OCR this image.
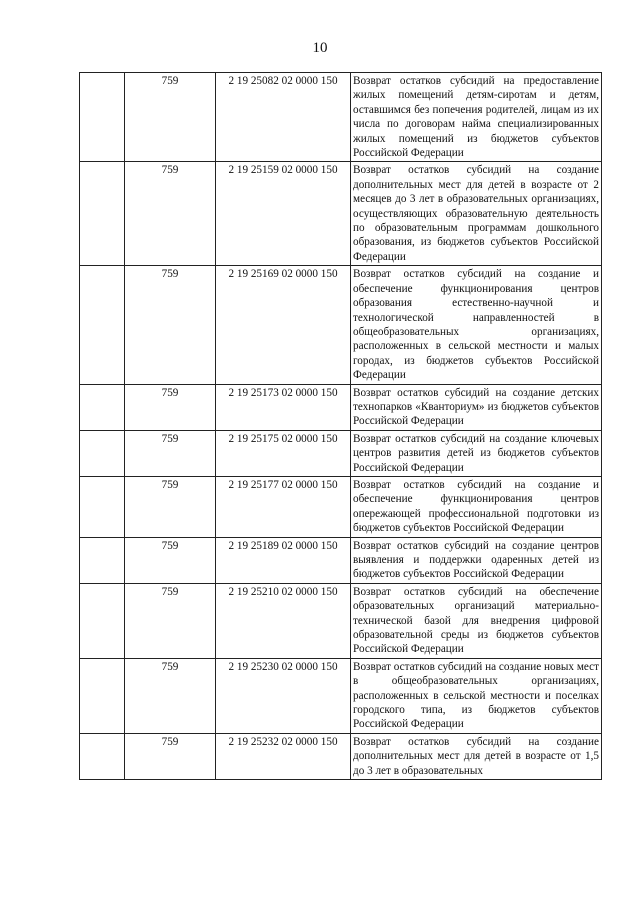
10
	759	2 19 25082 02 0000 150	Возврат остатков субсидий на предоставление жилых помещений детям-сиротам и детям, оставшимся без попечения родителей, лицам из их числа по договорам найма специализированных жилых помещений из бюджетов субъектов Российской Федерации
	759	2 19 25159 02 0000 150	Возврат остатков субсидий на создание дополнительных мест для детей в возрасте от 2 месяцев до 3 лет в образовательных организациях, осуществляющих образовательную деятельность по образовательным программам дошкольного образования, из бюджетов субъектов Российской Федерации
	759	2 19 25169 02 0000 150	Возврат остатков субсидий на создание и обеспечение функционирования центров образования естественно-научной и технологической направленностей в общеобразовательных организациях, расположенных в сельской местности и малых городах, из бюджетов субъектов Российской Федерации
	759	2 19 25173 02 0000 150	Возврат остатков субсидий на создание детских технопарков «Кванториум» из бюджетов субъектов Российской Федерации
	759	2 19 25175 02 0000 150	Возврат остатков субсидий на создание ключевых центров развития детей из бюджетов субъектов Российской Федерации
	759	2 19 25177 02 0000 150	Возврат остатков субсидий на создание и обеспечение функционирования центров опережающей профессиональной подготовки из бюджетов субъектов Российской Федерации
	759	2 19 25189 02 0000 150	Возврат остатков субсидий на создание центров выявления и поддержки одаренных детей из бюджетов субъектов Российской Федерации
	759	2 19 25210 02 0000 150	Возврат остатков субсидий на обеспечение образовательных организаций материально-технической базой для внедрения цифровой образовательной среды из бюджетов субъектов Российской Федерации
	759	2 19 25230 02 0000 150	Возврат остатков субсидий на создание новых мест в общеобразовательных организациях, расположенных в сельской местности и поселках городского типа, из бюджетов субъектов Российской Федерации
	759	2 19 25232 02 0000 150	Возврат остатков субсидий на создание дополнительных мест для детей в возрасте от 1,5 до 3 лет в образовательных
